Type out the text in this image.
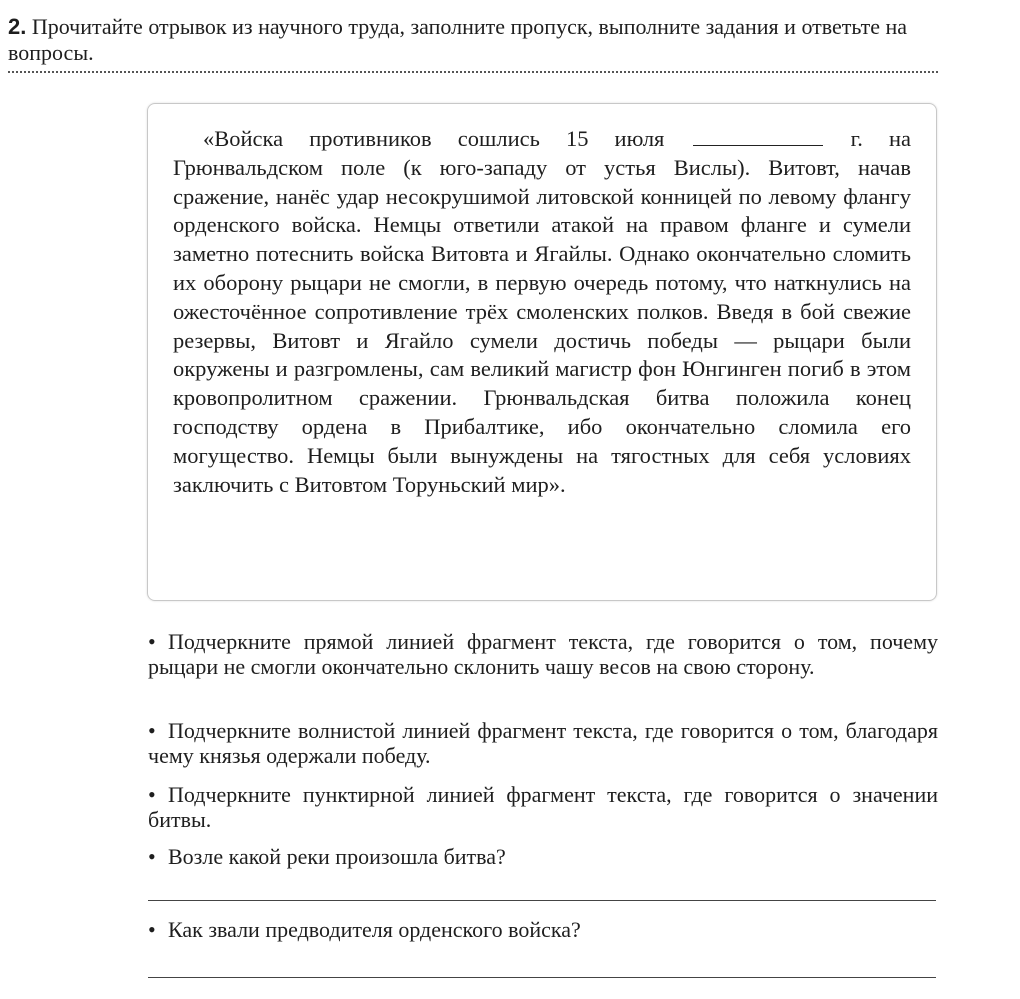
2. Прочитайте отрывок из научного труда, заполните пропуск, выполните задания и ответьте на вопросы.
«Войска противников сошлись 15 июля	г. на Грюнвальдском поле (к юго-западу от устья Вислы). Витовт, начав сражение, нанёс удар несокрушимой литовской конницей по левому флангу орденского войска. Немцы ответили атакой на правом фланге и сумели заметно потеснить войска Витовта и Ягайлы. Однако окончательно сломить их оборону рыцари не смогли, в первую очередь потому, что наткнулись на ожесточённое сопротивление трёх смоленских полков. Введя в бой свежие резервы, Витовт и Ягайло сумели достичь победы — рыцари были окружены и разгромлены, сам великий магистр фон Юнгинген погиб в этом кровопролитном сражении. Грюнвальдская битва положила конец господству ордена в Прибалтике, ибо окончательно сломила его могущество. Немцы были вынуждены на тягостных для себя условиях заключить с Витовтом Торуньский мир».
• Подчеркните прямой линией фрагмент текста, где говорится о том, почему рыцари не смогли окончательно склонить чашу весов на свою сторону.
• Подчеркните волнистой линией фрагмент текста, где говорится о том, благодаря чему князья одержали победу.
• Подчеркните пунктирной линией фрагмент текста, где говорится о значении битвы.
• Возле какой реки произошла битва?
• Как звали предводителя орденского войска?
